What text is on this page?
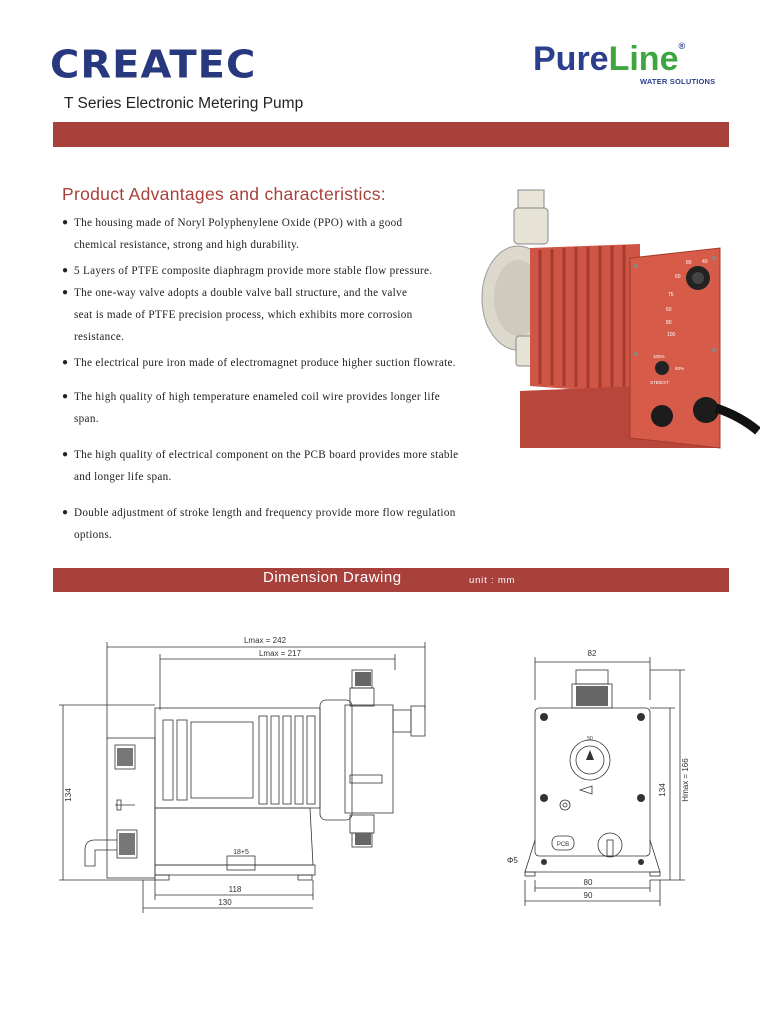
CREATEC	PureLine®
WATER SOLUTIONS
T Series Electronic Metering Pump
Product Advantages and characteristics:
● The housing made of Noryl Polyphenylene Oxide (PPO) with a good
chemical resistance, strong and high durability.
● 5 Layers of PTFE composite diaphragm provide more stable flow pressure.
● The one-way valve adopts a double valve ball structure, and the valve
seat is made of PTFE precision process, which exhibits more corrosion
resistance.
● The electrical pure iron made of electromagnet produce higher suction flowrate.
● The high quality of high temperature enameled coil wire provides longer life
span.
● The high quality of electrical component on the PCB board provides more stable
and longer life span.
● Double adjustment of stroke length and frequency provide more flow regulation
options.
60
80 40
75
60
80
100
100%
50%
STB/EXT
Dimension Drawing	unit : mm
Lmax = 242
Lmax = 217
134
118
130
18+5
82
Hmax = 166
134
80
90
Φ5
PCB
50
